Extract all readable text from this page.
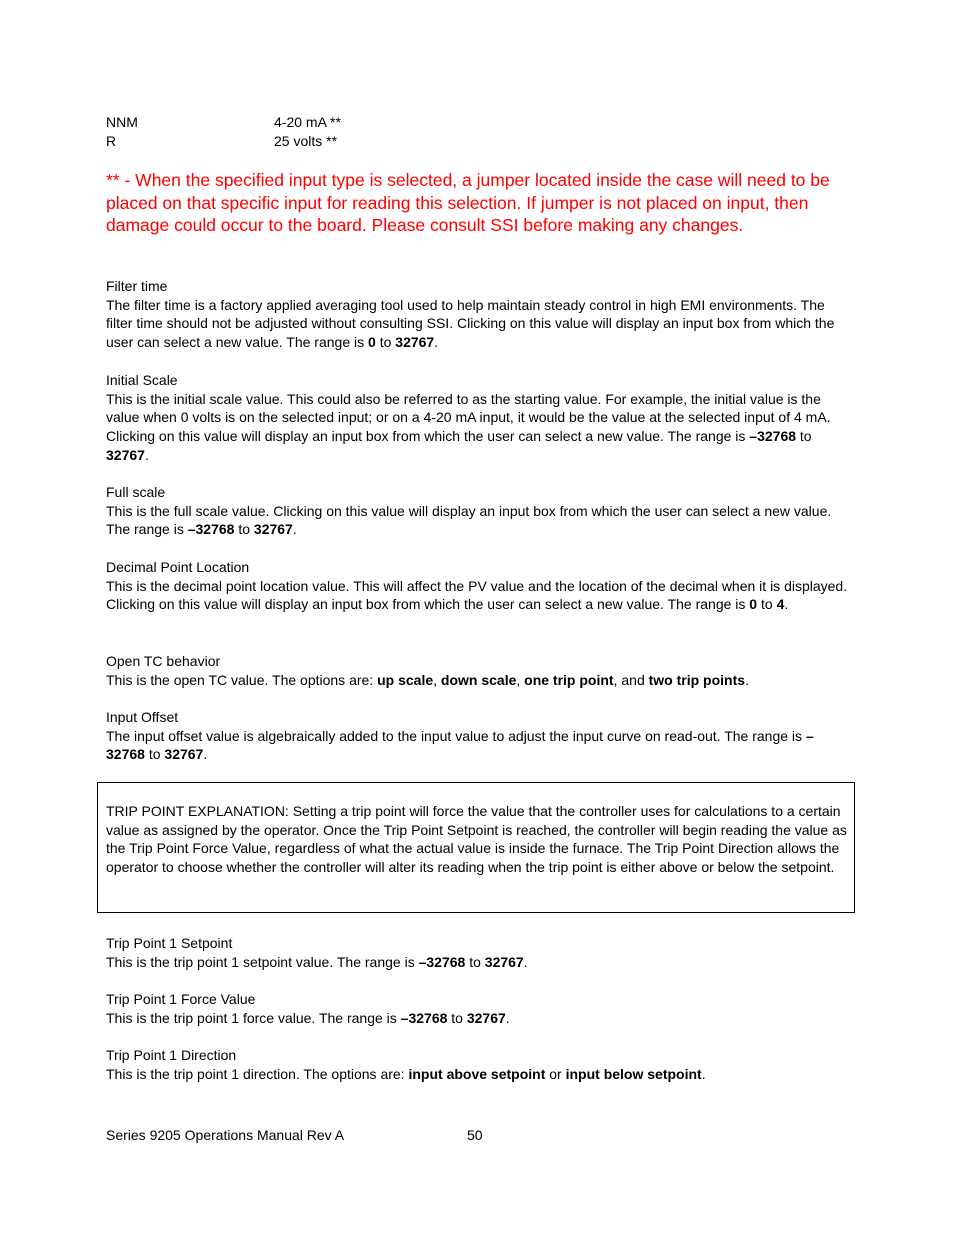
NNM	4-20 mA **
R	25 volts **
** - When the specified input type is selected, a jumper located inside the case will need to be placed on that specific input for reading this selection. If jumper is not placed on input, then damage could occur to the board. Please consult SSI before making any changes.
Filter time

The filter time is a factory applied averaging tool used to help maintain steady control in high EMI environments. The filter time should not be adjusted without consulting SSI. Clicking on this value will display an input box from which the user can select a new value. The range is 0 to 32767.

Initial Scale

This is the initial scale value. This could also be referred to as the starting value. For example, the initial value is the value when 0 volts is on the selected input; or on a 4-20 mA input, it would be the value at the selected input of 4 mA. Clicking on this value will display an input box from which the user can select a new value. The range is –32768 to 32767.

Full scale

This is the full scale value. Clicking on this value will display an input box from which the user can select a new value. The range is –32768 to 32767.

Decimal Point Location

This is the decimal point location value. This will affect the PV value and the location of the decimal when it is displayed. Clicking on this value will display an input box from which the user can select a new value. The range is 0 to 4.

Open TC behavior

This is the open TC value. The options are: up scale, down scale, one trip point, and two trip points.

Input Offset

The input offset value is algebraically added to the input value to adjust the input curve on read-out. The range is –32768 to 32767.

TRIP POINT EXPLANATION: Setting a trip point will force the value that the controller uses for calculations to a certain value as assigned by the operator. Once the Trip Point Setpoint is reached, the controller will begin reading the value as the Trip Point Force Value, regardless of what the actual value is inside the furnace. The Trip Point Direction allows the operator to choose whether the controller will alter its reading when the trip point is either above or below the setpoint.
Trip Point 1 Setpoint

This is the trip point 1 setpoint value. The range is –32768 to 32767.

Trip Point 1 Force Value

This is the trip point 1 force value. The range is –32768 to 32767.

Trip Point 1 Direction

This is the trip point 1 direction. The options are: input above setpoint or input below setpoint.

Series 9205 Operations Manual Rev A	50
